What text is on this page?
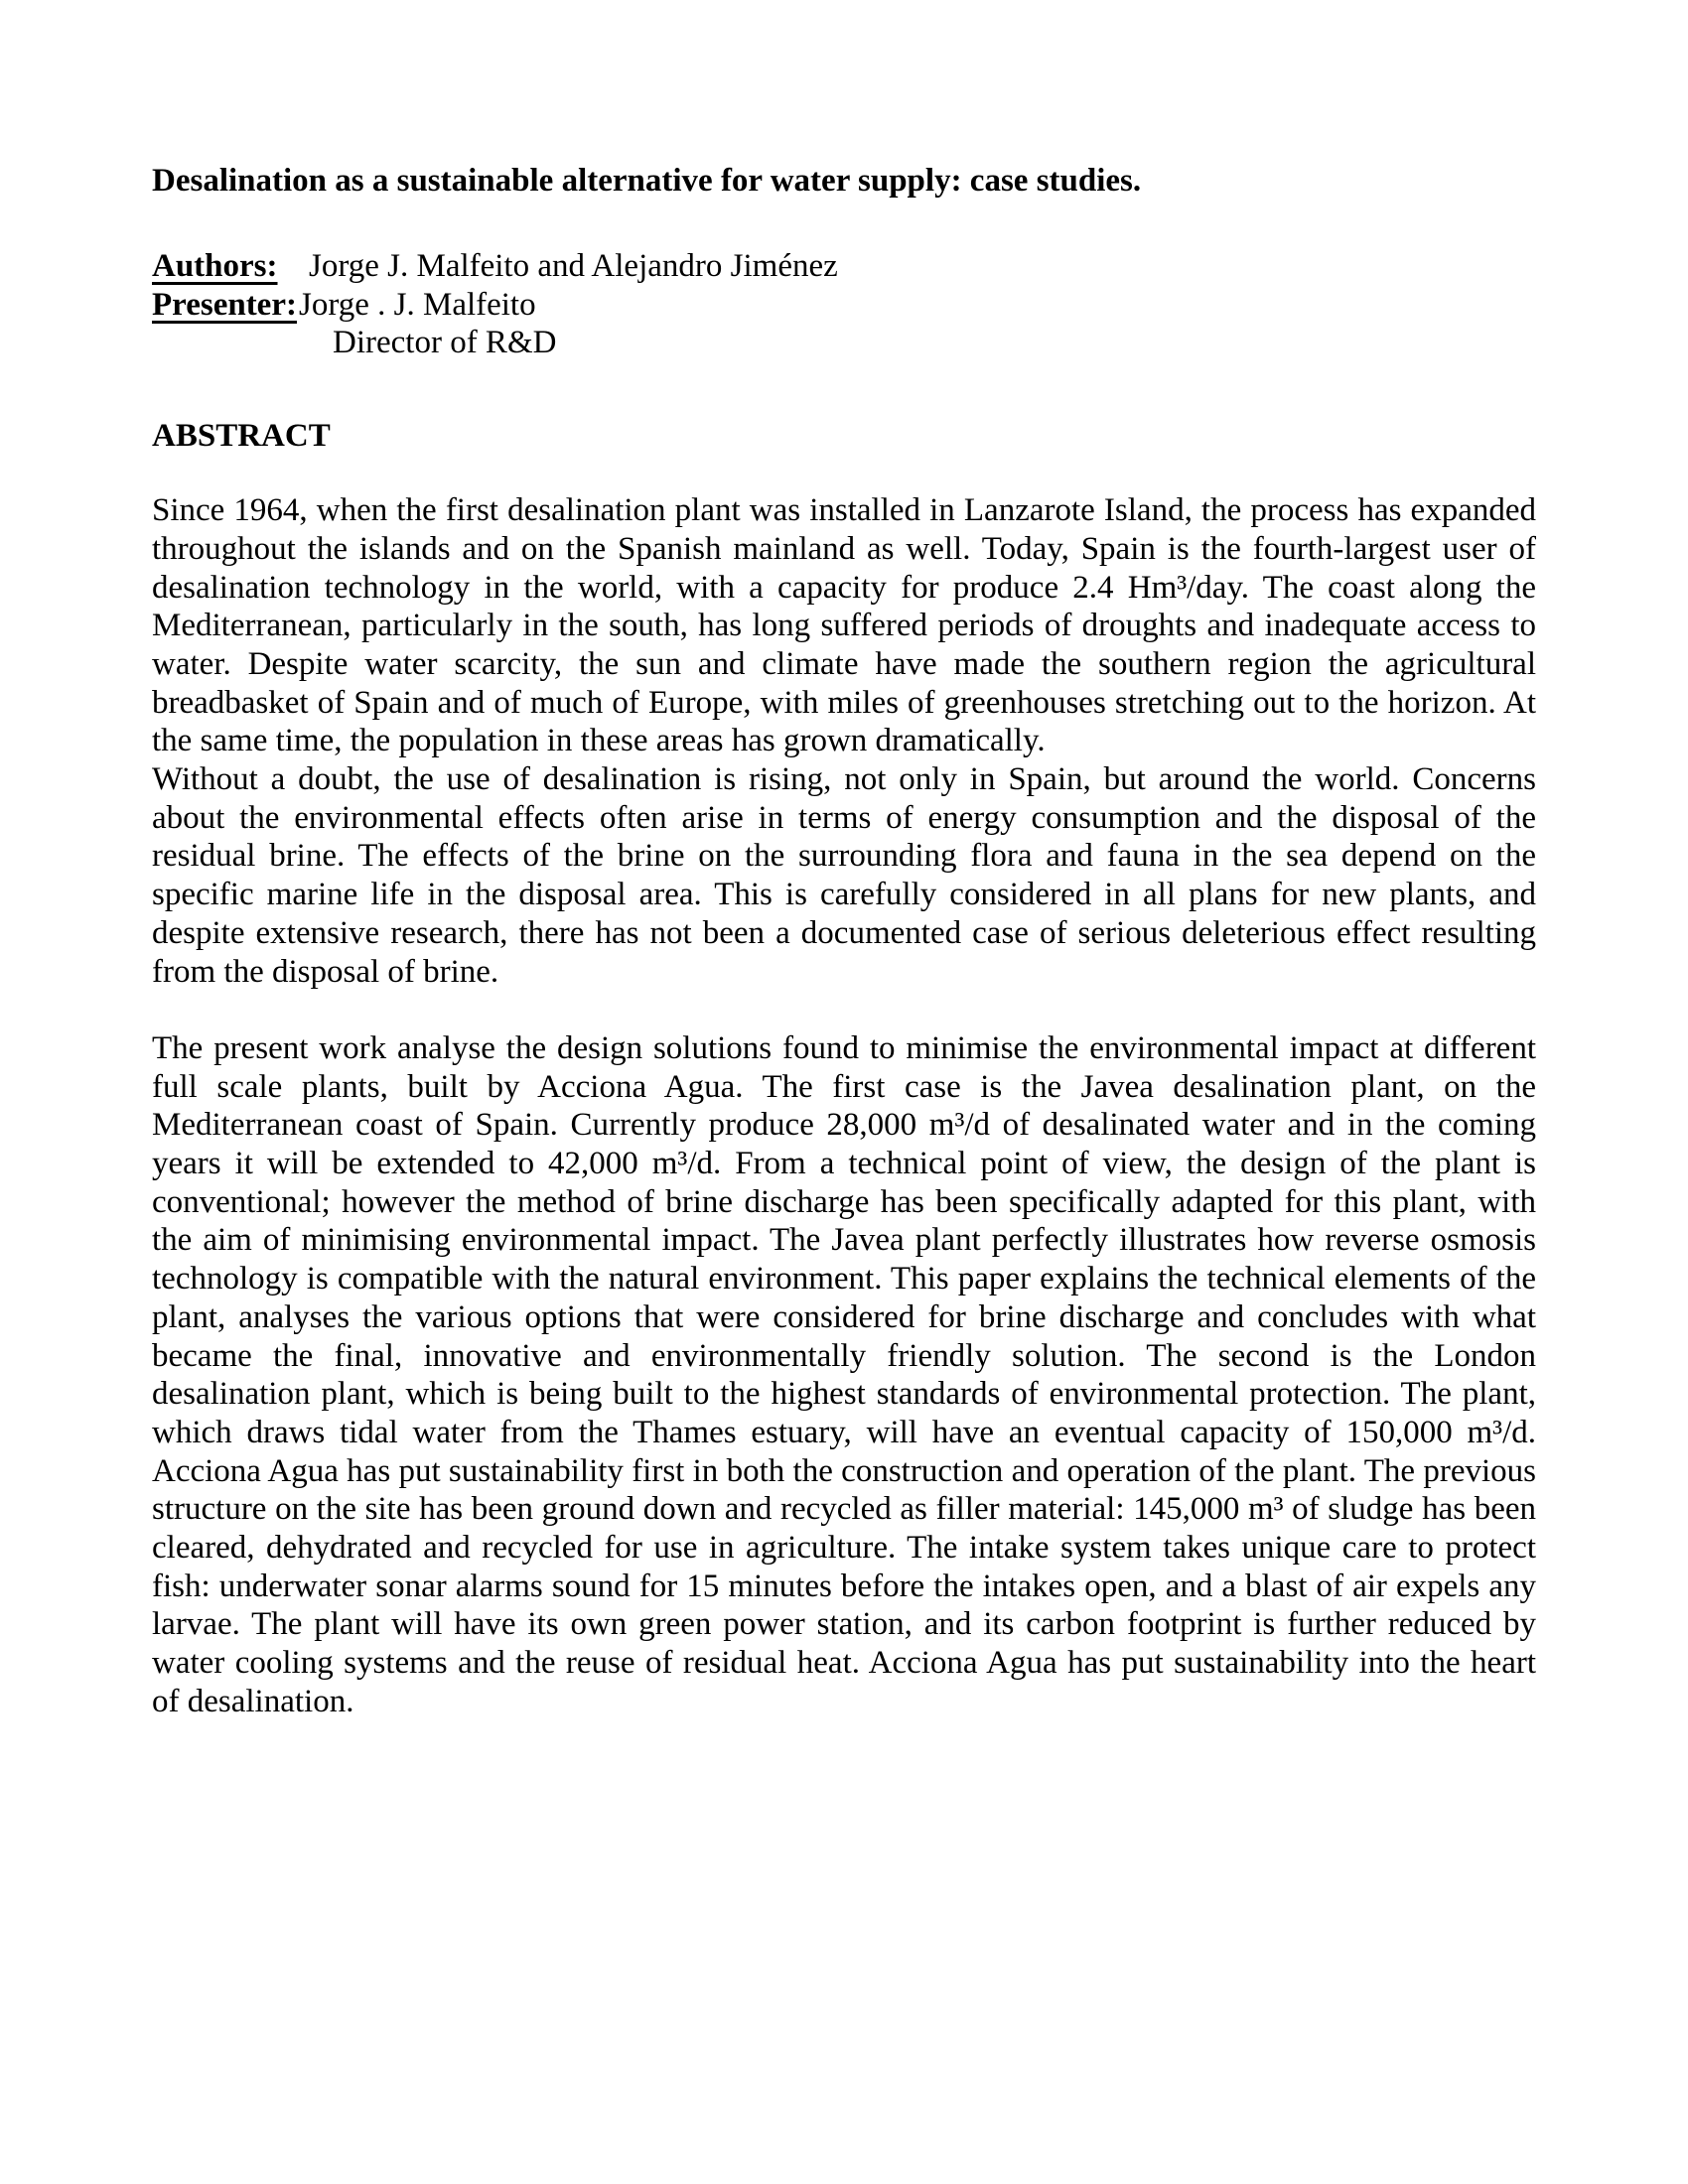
Desalination as a sustainable alternative for water supply: case studies.
Authors: Jorge J. Malfeito and Alejandro Jiménez
Presenter: Jorge . J. Malfeito
Director of R&D
ABSTRACT

Since 1964, when the first desalination plant was installed in Lanzarote Island, the process has expanded throughout the islands and on the Spanish mainland as well. Today, Spain is the fourth-largest user of desalination technology in the world, with a capacity for produce 2.4 Hm³/day. The coast along the Mediterranean, particularly in the south, has long suffered periods of droughts and inadequate access to water. Despite water scarcity, the sun and climate have made the southern region the agricultural breadbasket of Spain and of much of Europe, with miles of greenhouses stretching out to the horizon. At the same time, the population in these areas has grown dramatically.

Without a doubt, the use of desalination is rising, not only in Spain, but around the world. Concerns about the environmental effects often arise in terms of energy consumption and the disposal of the residual brine. The effects of the brine on the surrounding flora and fauna in the sea depend on the specific marine life in the disposal area. This is carefully considered in all plans for new plants, and despite extensive research, there has not been a documented case of serious deleterious effect resulting from the disposal of brine.

The present work analyse the design solutions found to minimise the environmental impact at different full scale plants, built by Acciona Agua. The first case is the Javea desalination plant, on the Mediterranean coast of Spain. Currently produce 28,000 m³/d of desalinated water and in the coming years it will be extended to 42,000 m³/d. From a technical point of view, the design of the plant is conventional; however the method of brine discharge has been specifically adapted for this plant, with the aim of minimising environmental impact. The Javea plant perfectly illustrates how reverse osmosis technology is compatible with the natural environment. This paper explains the technical elements of the plant, analyses the various options that were considered for brine discharge and concludes with what became the final, innovative and environmentally friendly solution. The second is the London desalination plant, which is being built to the highest standards of environmental protection. The plant, which draws tidal water from the Thames estuary, will have an eventual capacity of 150,000 m³/d. Acciona Agua has put sustainability first in both the construction and operation of the plant. The previous structure on the site has been ground down and recycled as filler material: 145,000 m³ of sludge has been cleared, dehydrated and recycled for use in agriculture. The intake system takes unique care to protect fish: underwater sonar alarms sound for 15 minutes before the intakes open, and a blast of air expels any larvae. The plant will have its own green power station, and its carbon footprint is further reduced by water cooling systems and the reuse of residual heat. Acciona Agua has put sustainability into the heart of desalination.
